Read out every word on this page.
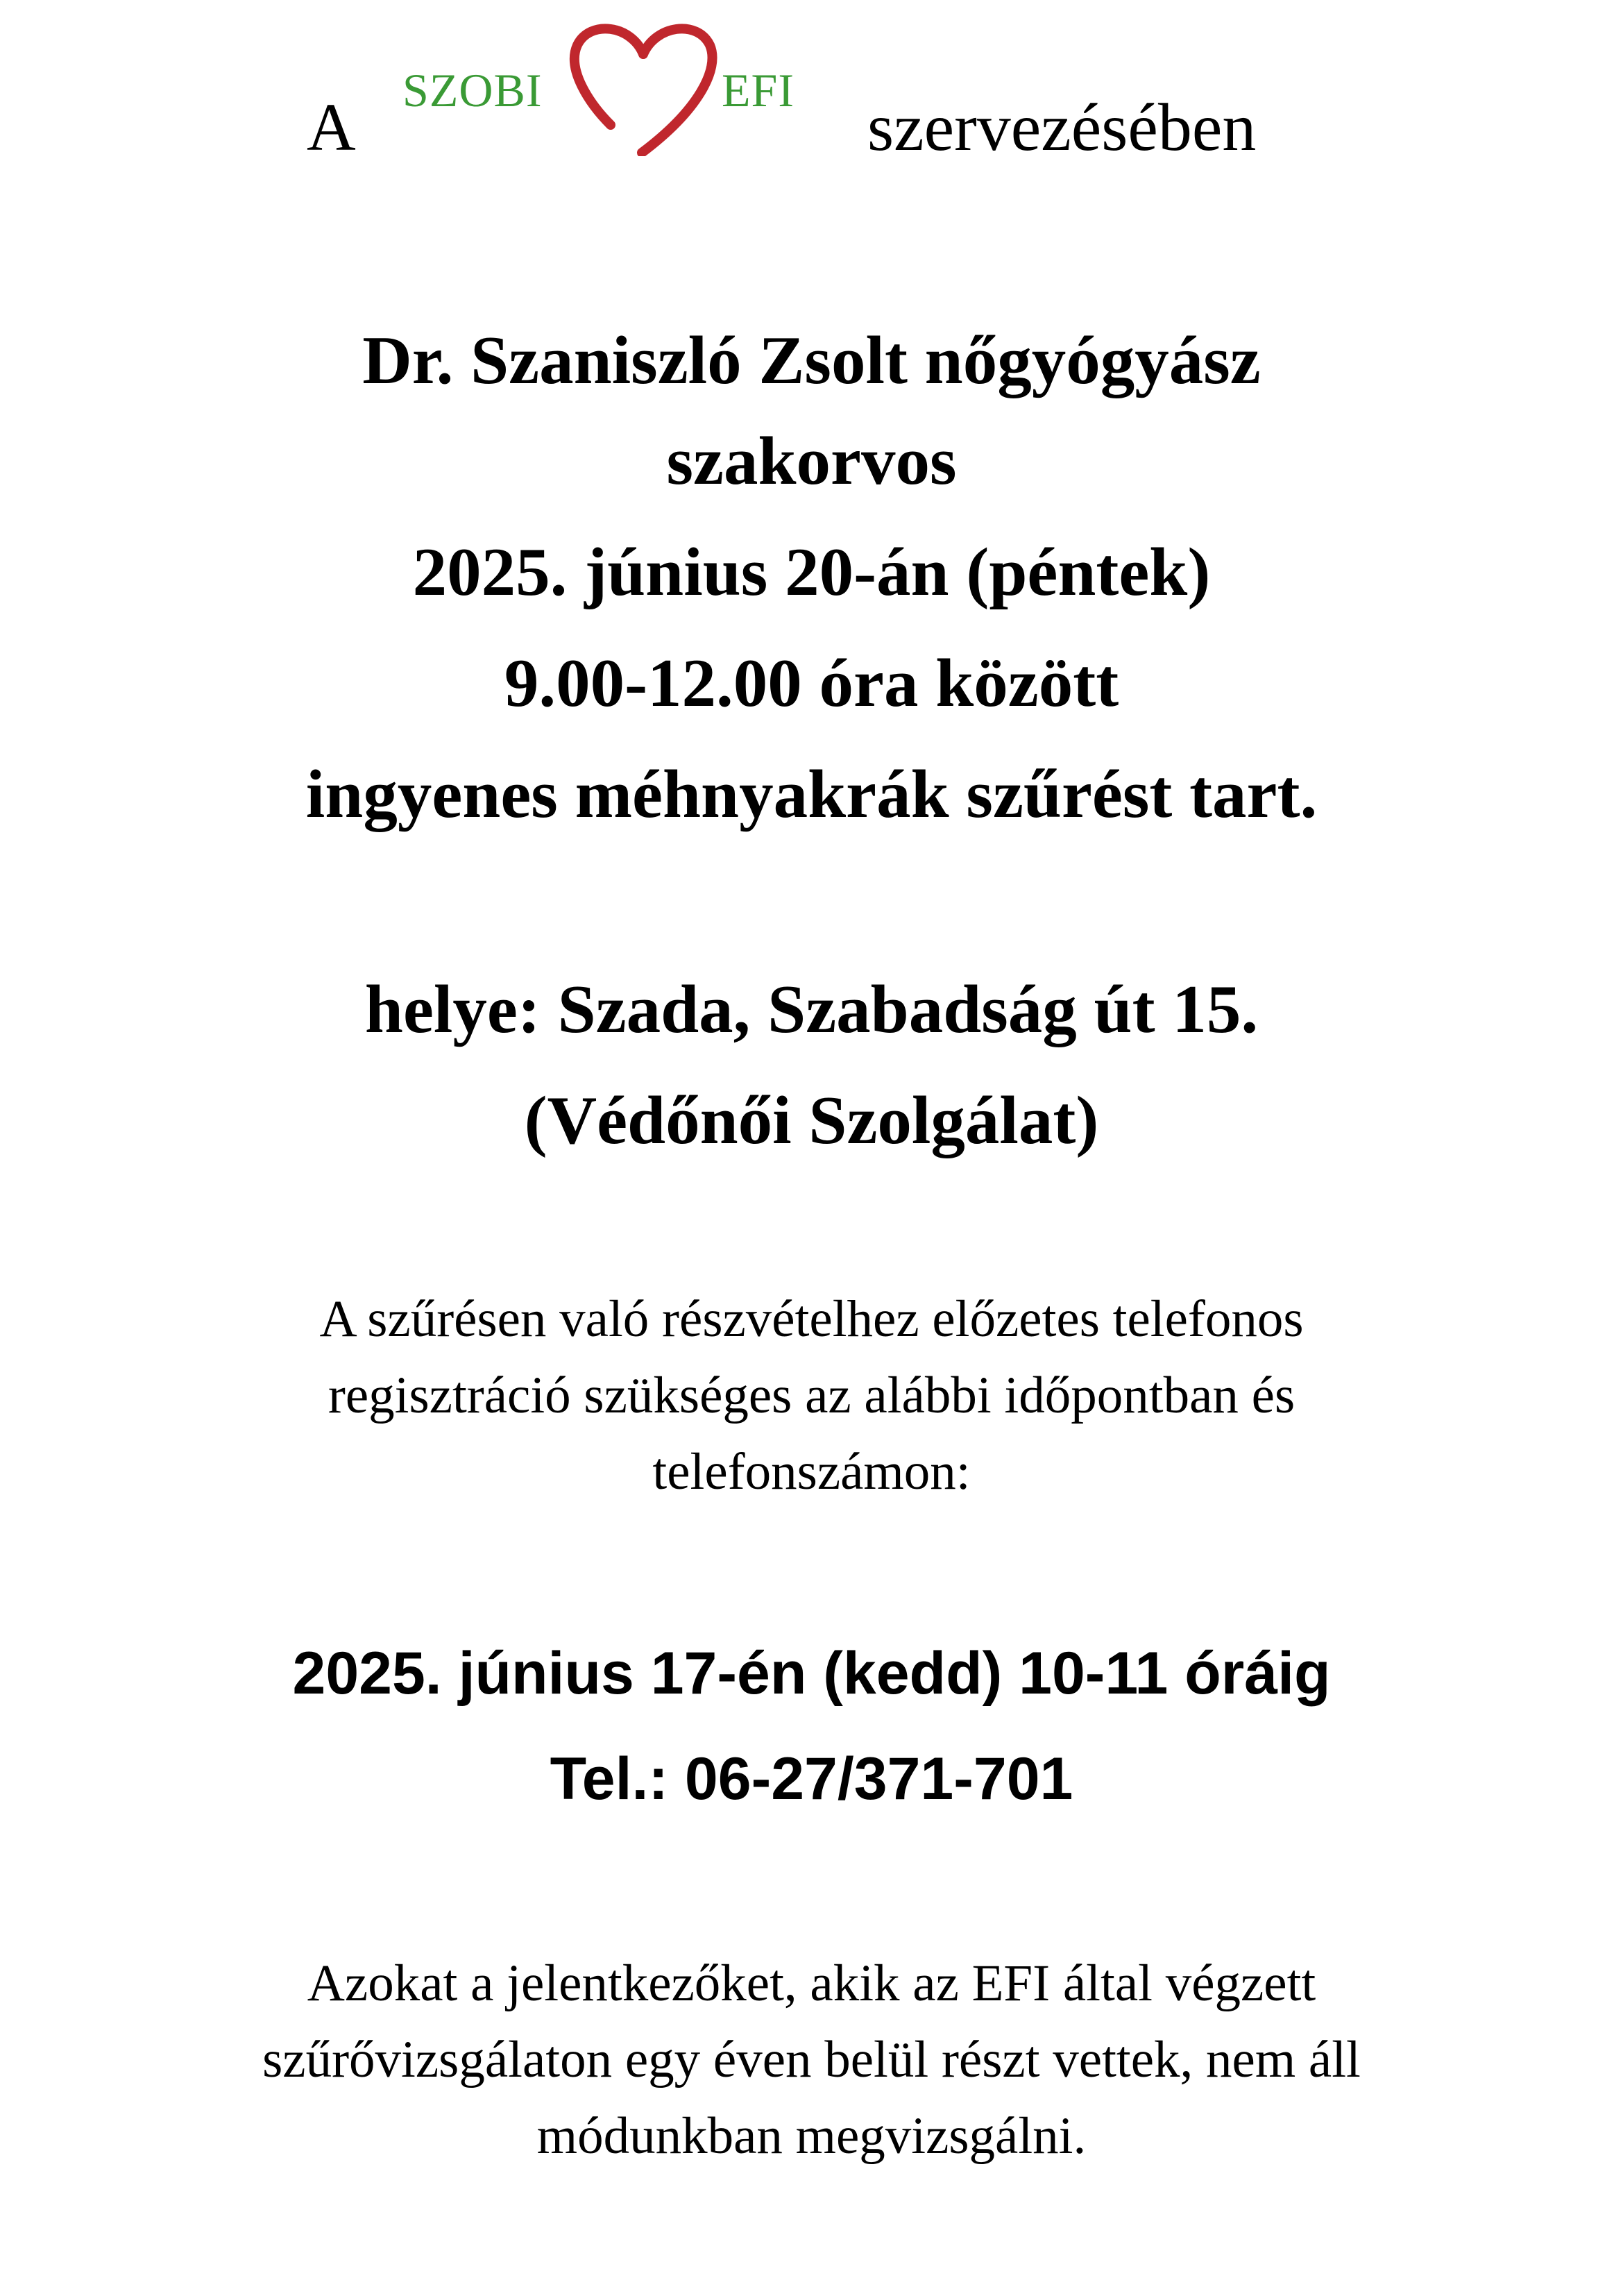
A SZOBI	EFI szervezésében
Dr. Szaniszló Zsolt nőgyógyász
szakorvos
2025. június 20-án (péntek)
9.00-12.00 óra között
ingyenes méhnyakrák szűrést tart.
helye: Szada, Szabadság út 15.
(Védőnői Szolgálat)
A szűrésen való részvételhez előzetes telefonos
regisztráció szükséges az alábbi időpontban és
telefonszámon:
2025. június 17-én (kedd) 10-11 óráig
Tel.: 06-27/371-701
Azokat a jelentkezőket, akik az EFI által végzett
szűrővizsgálaton egy éven belül részt vettek, nem áll
módunkban megvizsgálni.
